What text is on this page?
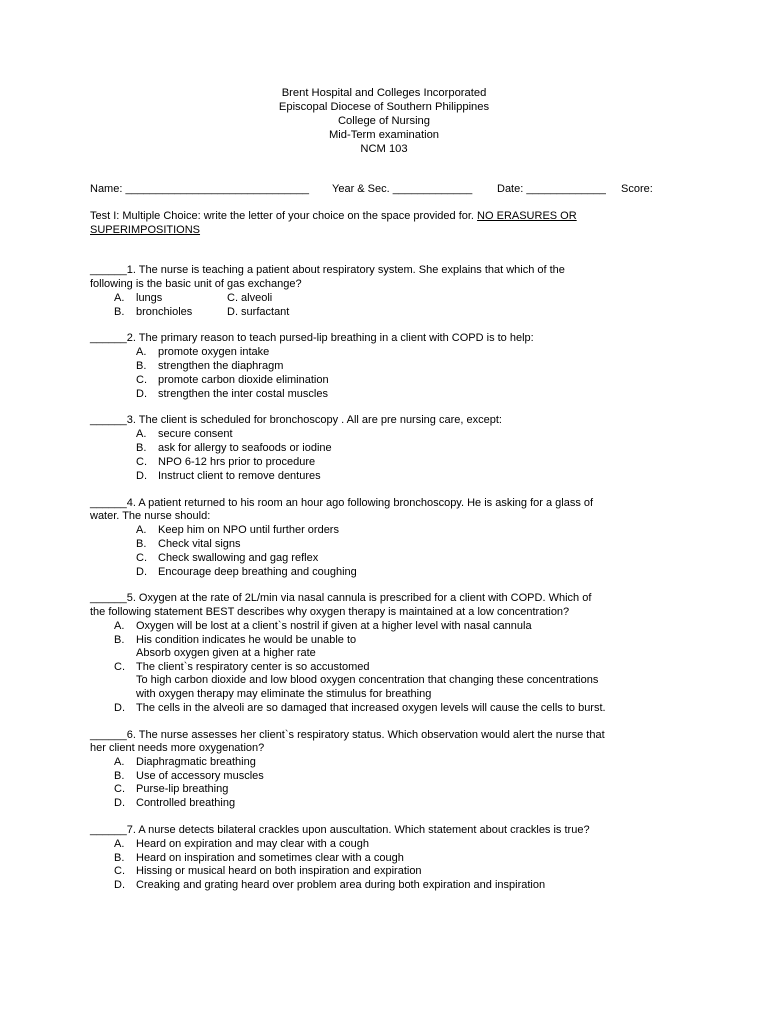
Brent Hospital and Colleges Incorporated
Episcopal Diocese of Southern Philippines
College of Nursing
Mid-Term examination
NCM 103
Name: ______________________________ Year & Sec. _____________ Date: _____________ Score:
Test I: Multiple Choice: write the letter of your choice on the space provided for. NO ERASURES OR
SUPERIMPOSITIONS
______1. The nurse is teaching a patient about respiratory system. She explains that which of the
following is the basic unit of gas exchange?
A. lungs	C. alveoli
B. bronchioles	D. surfactant
______2. The primary reason to teach pursed-lip breathing in a client with COPD is to help:
A. promote oxygen intake
B. strengthen the diaphragm
C. promote carbon dioxide elimination
D. strengthen the inter costal muscles
______3. The client is scheduled for bronchoscopy . All are pre nursing care, except:
A. secure consent
B. ask for allergy to seafoods or iodine
C. NPO 6-12 hrs prior to procedure
D. Instruct client to remove dentures
______4. A patient returned to his room an hour ago following bronchoscopy. He is asking for a glass of
water. The nurse should:
A. Keep him on NPO until further orders
B. Check vital signs
C. Check swallowing and gag reflex
D. Encourage deep breathing and coughing
______5. Oxygen at the rate of 2L/min via nasal cannula is prescribed for a client with COPD. Which of
the following statement BEST describes why oxygen therapy is maintained at a low concentration?
A. Oxygen will be lost at a client`s nostril if given at a higher level with nasal cannula
B. His condition indicates he would be unable to
Absorb oxygen given at a higher rate
C. The client`s respiratory center is so accustomed
To high carbon dioxide and low blood oxygen concentration that changing these concentrations
with oxygen therapy may eliminate the stimulus for breathing
D. The cells in the alveoli are so damaged that increased oxygen levels will cause the cells to burst.
______6. The nurse assesses her client`s respiratory status. Which observation would alert the nurse that
her client needs more oxygenation?
A. Diaphragmatic breathing
B. Use of accessory muscles
C. Purse-lip breathing
D. Controlled breathing
______7. A nurse detects bilateral crackles upon auscultation. Which statement about crackles is true?
A. Heard on expiration and may clear with a cough
B. Heard on inspiration and sometimes clear with a cough
C. Hissing or musical heard on both inspiration and expiration
D. Creaking and grating heard over problem area during both expiration and inspiration
